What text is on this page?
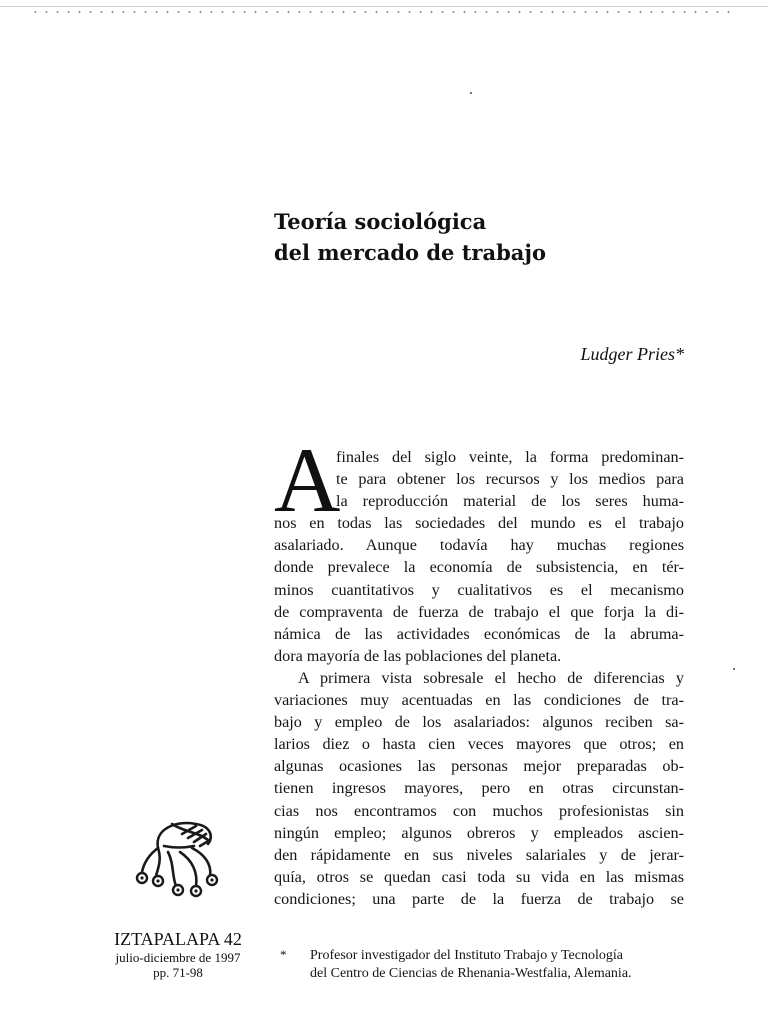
Teoría sociológica
del mercado de trabajo
Ludger Pries*
A
finales del siglo veinte, la forma predominan-
te para obtener los recursos y los medios para
la reproducción material de los seres huma-
nos en todas las sociedades del mundo es el trabajo
asalariado. Aunque todavía hay muchas regiones
donde prevalece la economía de subsistencia, en tér-
minos cuantitativos y cualitativos es el mecanismo
de compraventa de fuerza de trabajo el que forja la di-
námica de las actividades económicas de la abruma-
dora mayoría de las poblaciones del planeta.
A primera vista sobresale el hecho de diferencias y
variaciones muy acentuadas en las condiciones de tra-
bajo y empleo de los asalariados: algunos reciben sa-
larios diez o hasta cien veces mayores que otros; en
algunas ocasiones las personas mejor preparadas ob-
tienen ingresos mayores, pero en otras circunstan-
cias nos encontramos con muchos profesionistas sin
ningún empleo; algunos obreros y empleados ascien-
den rápidamente en sus niveles salariales y de jerar-
quía, otros se quedan casi toda su vida en las mismas
condiciones; una parte de la fuerza de trabajo se
IZTAPALAPA 42
julio-diciembre de 1997
pp. 71-98
* Profesor investigador del Instituto Trabajo y Tecnología
del Centro de Ciencias de Rhenania-Westfalia, Alemania.
